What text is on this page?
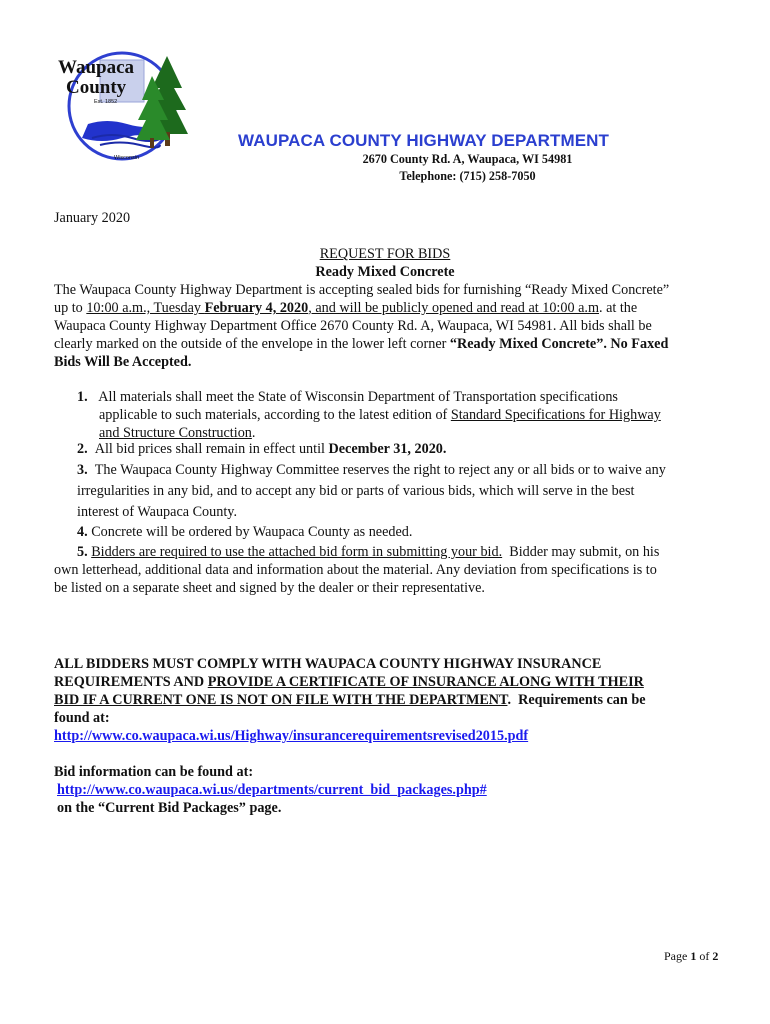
Waupaca
County
Est. 1852
Wisconsin
WAUPACA COUNTY HIGHWAY DEPARTMENT
2670 County Rd. A, Waupaca, WI 54981
Telephone: (715) 258-7050
January 2020
REQUEST FOR BIDS
Ready Mixed Concrete
The Waupaca County Highway Department is accepting sealed bids for furnishing “Ready Mixed Concrete”
up to 10:00 a.m., Tuesday February 4, 2020, and will be publicly opened and read at 10:00 a.m. at the
Waupaca County Highway Department Office 2670 County Rd. A, Waupaca, WI 54981. All bids shall be
clearly marked on the outside of the envelope in the lower left corner “Ready Mixed Concrete”. No Faxed
Bids Will Be Accepted.
1. All materials shall meet the State of Wisconsin Department of Transportation specifications
applicable to such materials, according to the latest edition of Standard Specifications for Highway
and Structure Construction.
2. All bid prices shall remain in effect until December 31, 2020.
3. The Waupaca County Highway Committee reserves the right to reject any or all bids or to waive any
irregularities in any bid, and to accept any bid or parts of various bids, which will serve in the best
interest of Waupaca County.
4. Concrete will be ordered by Waupaca County as needed.
5. Bidders are required to use the attached bid form in submitting your bid.  Bidder may submit, on his
own letterhead, additional data and information about the material. Any deviation from specifications is to
be listed on a separate sheet and signed by the dealer or their representative.
ALL BIDDERS MUST COMPLY WITH WAUPACA COUNTY HIGHWAY INSURANCE
REQUIREMENTS AND PROVIDE A CERTIFICATE OF INSURANCE ALONG WITH THEIR
BID IF A CURRENT ONE IS NOT ON FILE WITH THE DEPARTMENT.  Requirements can be
found at:
http://www.co.waupaca.wi.us/Highway/insurancerequirementsrevised2015.pdf
Bid information can be found at:
http://www.co.waupaca.wi.us/departments/current_bid_packages.php#
on the “Current Bid Packages” page.
Page 1 of 2
